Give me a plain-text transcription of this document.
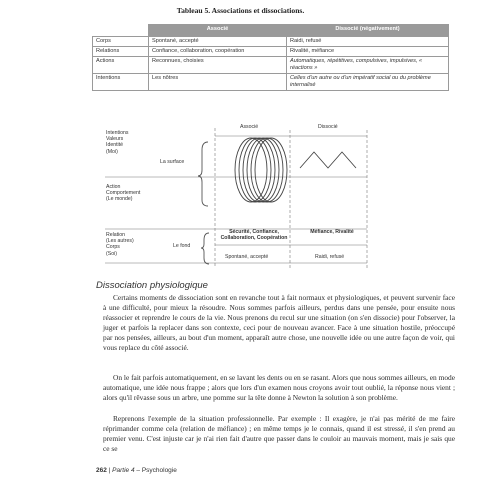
Tableau 5. Associations et dissociations.
	Associé	Dissocié (négativement)
Corps	Spontané, accepté	Raidi, refusé
Relations	Confiance, collaboration, coopération	Rivalité, méfiance
Actions	Reconnues, choisies	Automatiques, répétitives, compulsives, impulsives, « réactions »
Intentions	Les nôtres	Celles d'un autre ou d'un impératif social ou du problème internalisé
Associé	Dissocié
Intentions
Valeurs
Identité
(Moi)
La surface
Action
Comportement
(Le monde)
Relation
(Les autres)
Corps
(Soi)
Le fond
Sécurité, Confiance,
Collaboration, Coopération
Méfiance, Rivalité
Spontané, accepté	Raidi, refusé
Dissociation physiologique
Certains moments de dissociation sont en revanche tout à fait normaux et physiologiques, et peuvent survenir face à une difficulté, pour mieux la résoudre. Nous sommes parfois ailleurs, perdus dans une pensée, pour ensuite nous réassocier et reprendre le cours de la vie. Nous prenons du recul sur une situation (on s'en dissocie) pour l'observer, la juger et parfois la replacer dans son contexte, ceci pour de nouveau avancer. Face à une situation hostile, préoccupé par nos pensées, ailleurs, au bout d'un moment, apparaît autre chose, une nouvelle idée ou une autre façon de voir, qui vous replace du côté associé.
On le fait parfois automatiquement, en se lavant les dents ou en se rasant. Alors que nous sommes ailleurs, en mode automatique, une idée nous frappe ; alors que lors d'un examen nous croyons avoir tout oublié, la réponse nous vient ; alors qu'il rêvasse sous un arbre, une pomme sur la tête donne à Newton la solution à son problème.
Reprenons l'exemple de la situation professionnelle. Par exemple : Il exagère, je n'ai pas mérité de me faire réprimander comme cela (relation de méfiance) ; en même temps je le connais, quand il est stressé, il s'en prend au premier venu. C'est injuste car je n'ai rien fait d'autre que passer dans le couloir au mauvais moment, mais je sais que ce se
262 | Partie 4 – Psychologie
